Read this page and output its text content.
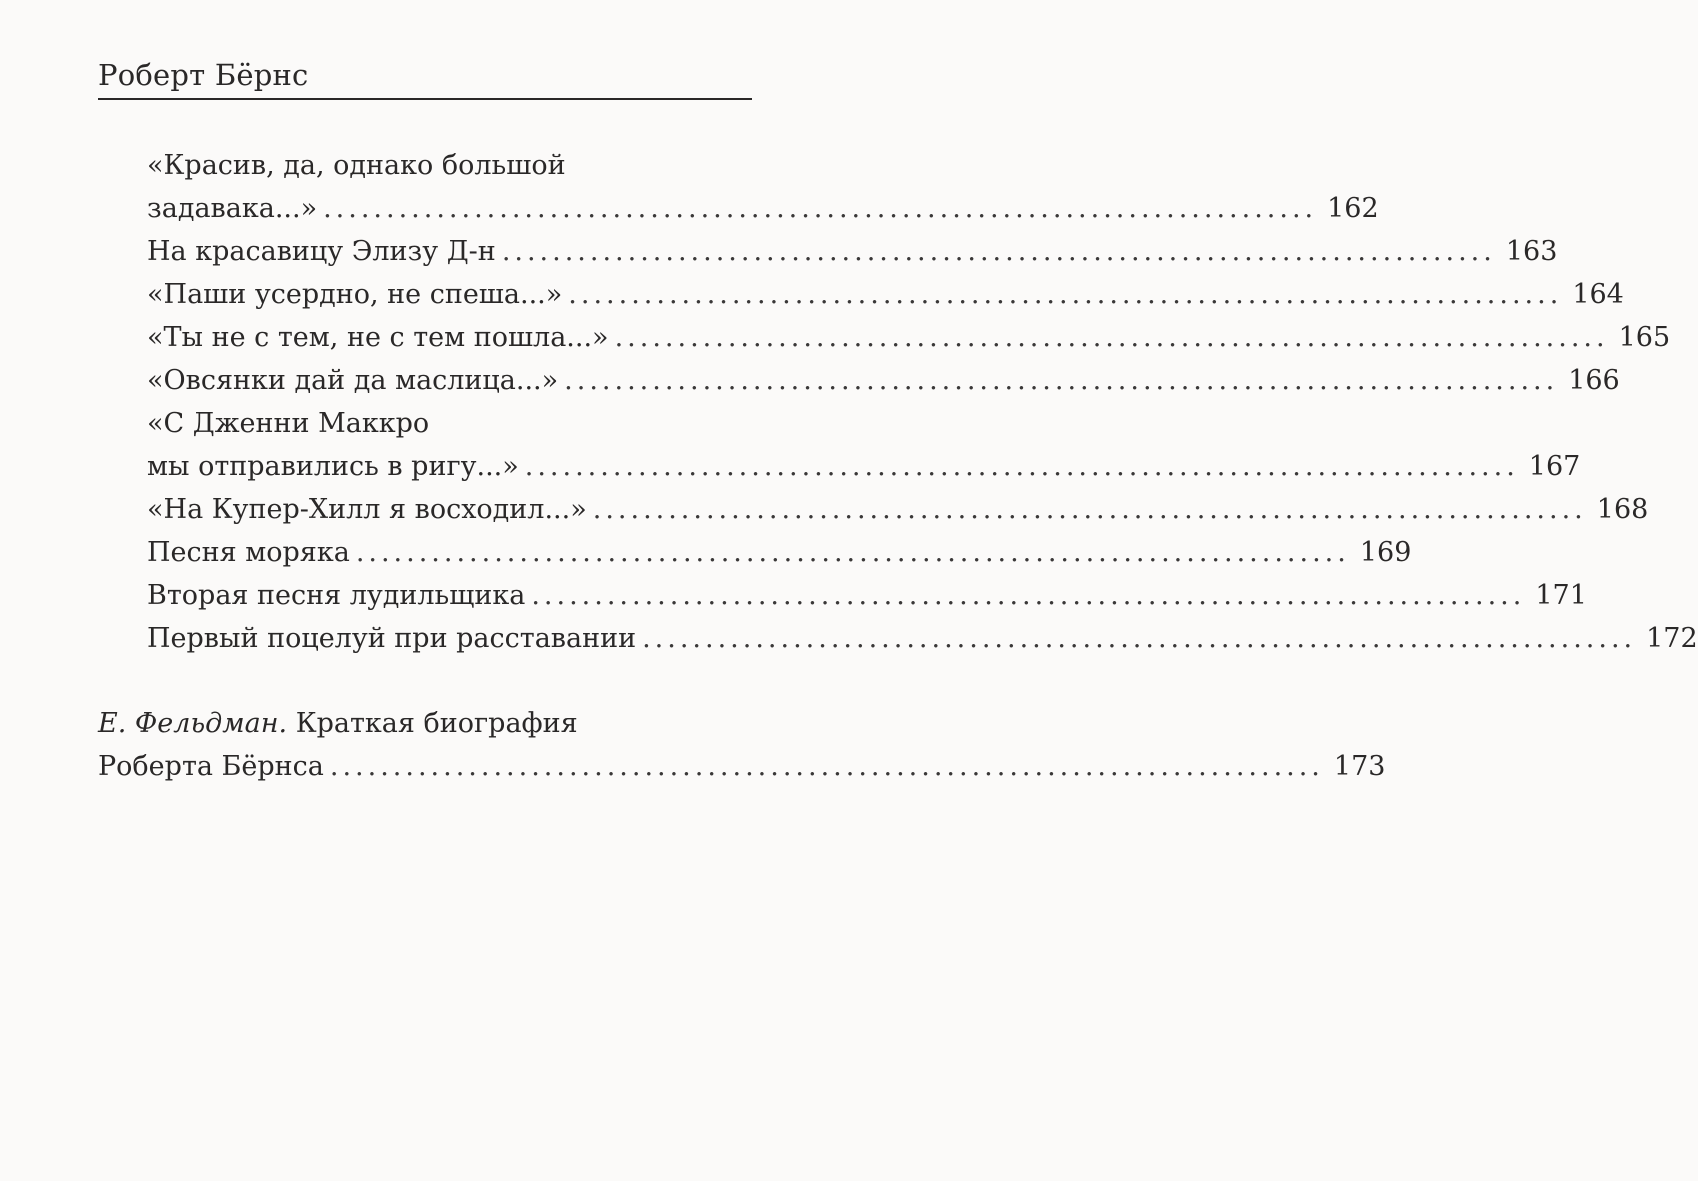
Роберт Бёрнс
«Красив, да, однако большой
задавака...» ............................................................................... 162
На красавицу Элизу Д-н ............................................................................... 163
«Паши усердно, не спеша...» ............................................................................... 164
«Ты не с тем, не с тем пошла...» ............................................................................... 165
«Овсянки дай да маслица...» ............................................................................... 166
«С Дженни Маккро
мы отправились в ригу...» ............................................................................... 167
«На Купер-Хилл я восходил...» ............................................................................... 168
Песня моряка ............................................................................... 169
Вторая песня лудильщика ............................................................................... 171
Первый поцелуй при расставании ............................................................................... 172
Е. Фельдман. Краткая биография
Роберта Бёрнса ............................................................................... 173
